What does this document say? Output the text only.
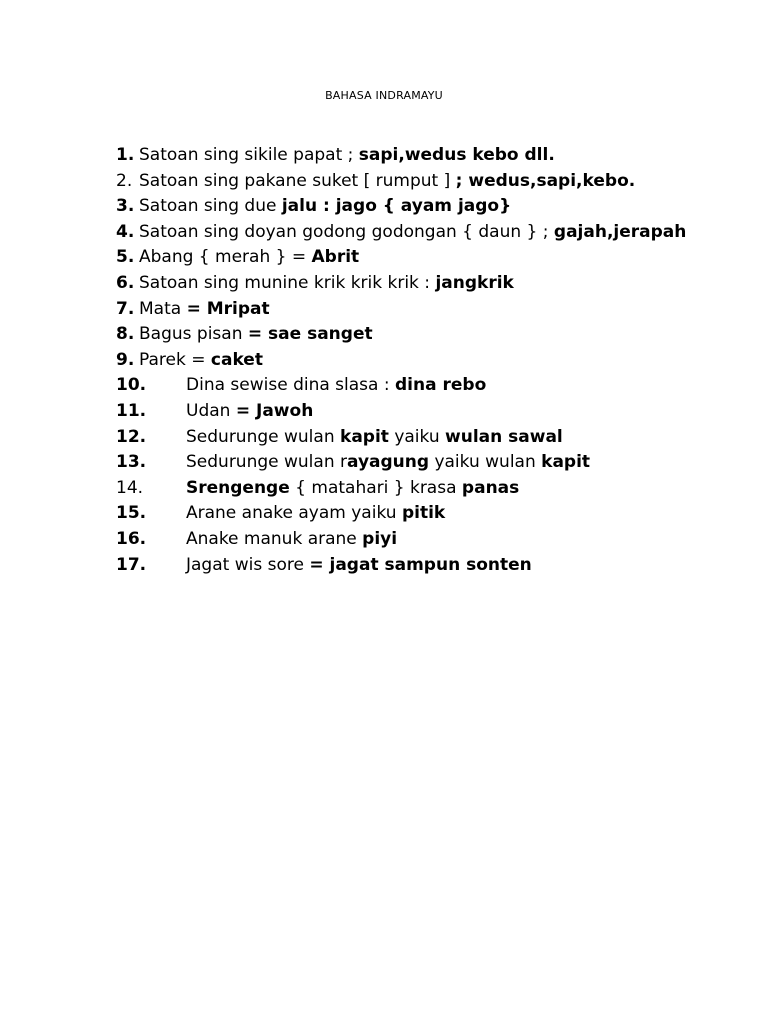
BAHASA INDRAMAYU
1. Satoan sing sikile papat ; sapi,wedus kebo dll.
2. Satoan sing pakane suket [ rumput ] ; wedus,sapi,kebo.
3. Satoan sing due jalu : jago { ayam jago}
4. Satoan sing doyan godong godongan { daun } ; gajah,jerapah
5. Abang { merah } = Abrit
6. Satoan sing munine krik krik krik : jangkrik
7. Mata = Mripat
8. Bagus pisan = sae sanget
9. Parek = caket
10. Dina sewise dina slasa : dina rebo
11. Udan = Jawoh
12. Sedurunge wulan kapit yaiku wulan sawal
13. Sedurunge wulan rayagung yaiku wulan kapit
14.	Srengenge { matahari } krasa panas
15. Arane anake ayam yaiku pitik
16. Anake manuk arane piyi
17. Jagat wis sore = jagat sampun sonten
